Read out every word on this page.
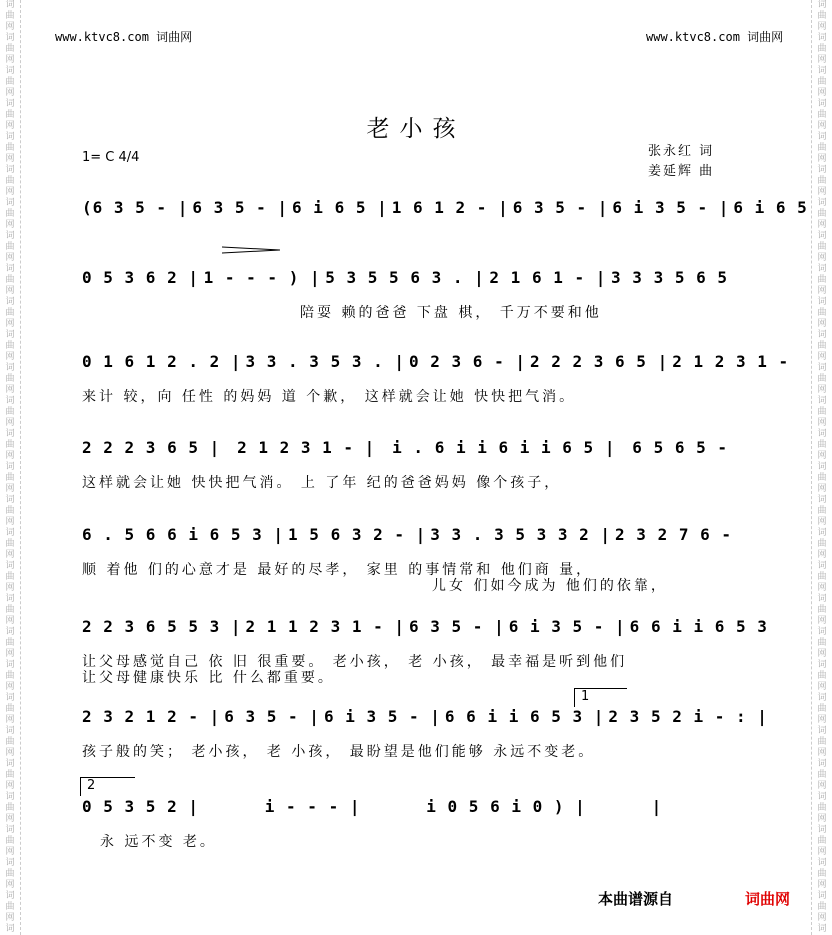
词
曲
网
词
曲
网
词
曲
网
词
曲
网
词
曲
网
词
曲
网
词
曲
网
词
曲
网
词
曲
网
词
曲
网
词
曲
网
词
曲
网
词
曲
网
词
曲
网
词
曲
网
词
曲
网
词
曲
网
词
曲
网
词
曲
网
词
曲
网
词
曲
网
词
曲
网
词
曲
网
词
曲
网
词
曲
网
词
曲
网
词
曲
网
词
曲
网
词
词
曲
网
词
曲
网
词
曲
网
词
曲
网
词
曲
网
词
曲
网
词
曲
网
词
曲
网
词
曲
网
词
曲
网
词
曲
网
词
曲
网
词
曲
网
词
曲
网
词
曲
网
词
曲
网
词
曲
网
词
曲
网
词
曲
网
词
曲
网
词
曲
网
词
曲
网
词
曲
网
词
曲
网
词
曲
网
词
曲
网
词
曲
网
词
曲
网
词
www.ktvc8.com 词曲网	www.ktvc8.com 词曲网
老小孩
1= C 4/4	张永红 词
姜延辉 曲
(6 3 5 - | 6 3 5 - | 6 i 6 5 | 1 6 1 2 - | 6 3 5 - | 6 i 3 5 - | 6 i 6 5
0 5 3 6 2 | 1 - - - ) | 5 3 5 5 6 3 . | 2 1 6 1 - | 3 3 3 5 6 5
陪耍 赖的爸爸 下盘 棋， 千万不要和他
0 1 6 1 2 . 2 | 3 3 . 3 5 3 . | 0 2 3 6 - | 2 2 2 3 6 5 | 2 1 2 3 1 -
来计 较，向 任性 的妈妈 道 个歉， 这样就会让她 快快把气消。
2 2 2 3 6 5 | 2 1 2 3 1 - | i . 6 i i 6 i i 6 5 | 6 5 6 5 -
这样就会让她 快快把气消。 上 了年 纪的爸爸妈妈 像个孩子，
6 . 5 6 6 i 6 5 3 | 1 5 6 3 2 - | 3 3 . 3 5 3 3 2 | 2 3 2 7 6 -
顺 着他 们的心意才是 最好的尽孝， 家里 的事情常和 他们商 量，
儿女 们如今成为 他们的依靠，
2 2 3 6 5 5 3 | 2 1 1 2 3 1 - | 6 3 5 - | 6 i 3 5 - | 6 6 i i 6 5 3
让父母感觉自己 依 旧 很重要。 老小孩， 老 小孩， 最幸福是听到他们
让父母健康快乐 比 什么都重要。
2 3 2 1 2 - | 6 3 5 - | 6 i 3 5 - | 6 6 i i 6 5 3 | 2 3 5 2 i - : |
孩子般的笑； 老小孩， 老 小孩， 最盼望是他们能够 永远不变老。
0 5 3 5 2 |	i - - - |	i 0 5 6 i 0 ) |	|
永 远不变 老。
1
2
本曲谱源自	词曲网
